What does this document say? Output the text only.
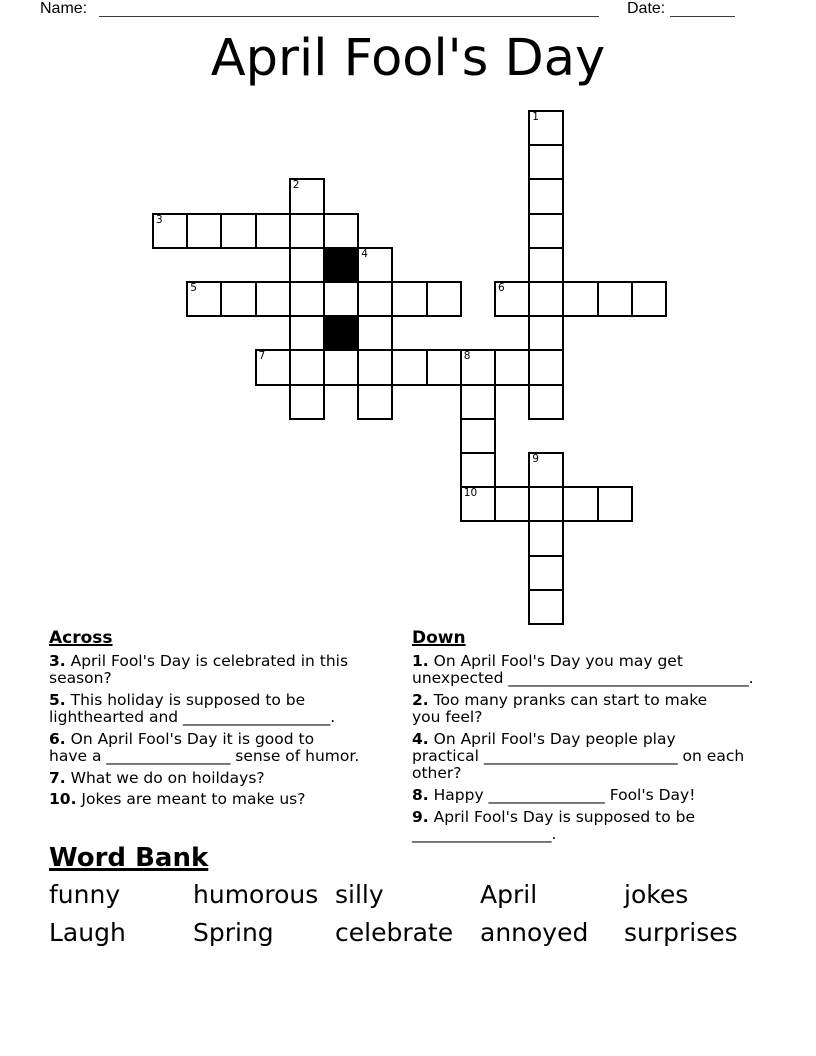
Name:	Date:
April Fool's Day
1
2
3
4
5	6
7	8
9
10
Across
3. April Fool's Day is celebrated in this
season?
5. This holiday is supposed to be
lighthearted and ___________________.
6. On April Fool's Day it is good to
have a ________________ sense of humor.
7. What we do on hoildays?
10. Jokes are meant to make us?
Down
1. On April Fool's Day you may get
unexpected _______________________________.
2. Too many pranks can start to make
you feel?
4. On April Fool's Day people play
practical _________________________ on each
other?
8. Happy _______________ Fool's Day!
9. April Fool's Day is supposed to be
__________________.
Word Bank
funny	humorous silly	April	jokes
Laugh	Spring	celebrate	annoyed	surprises
